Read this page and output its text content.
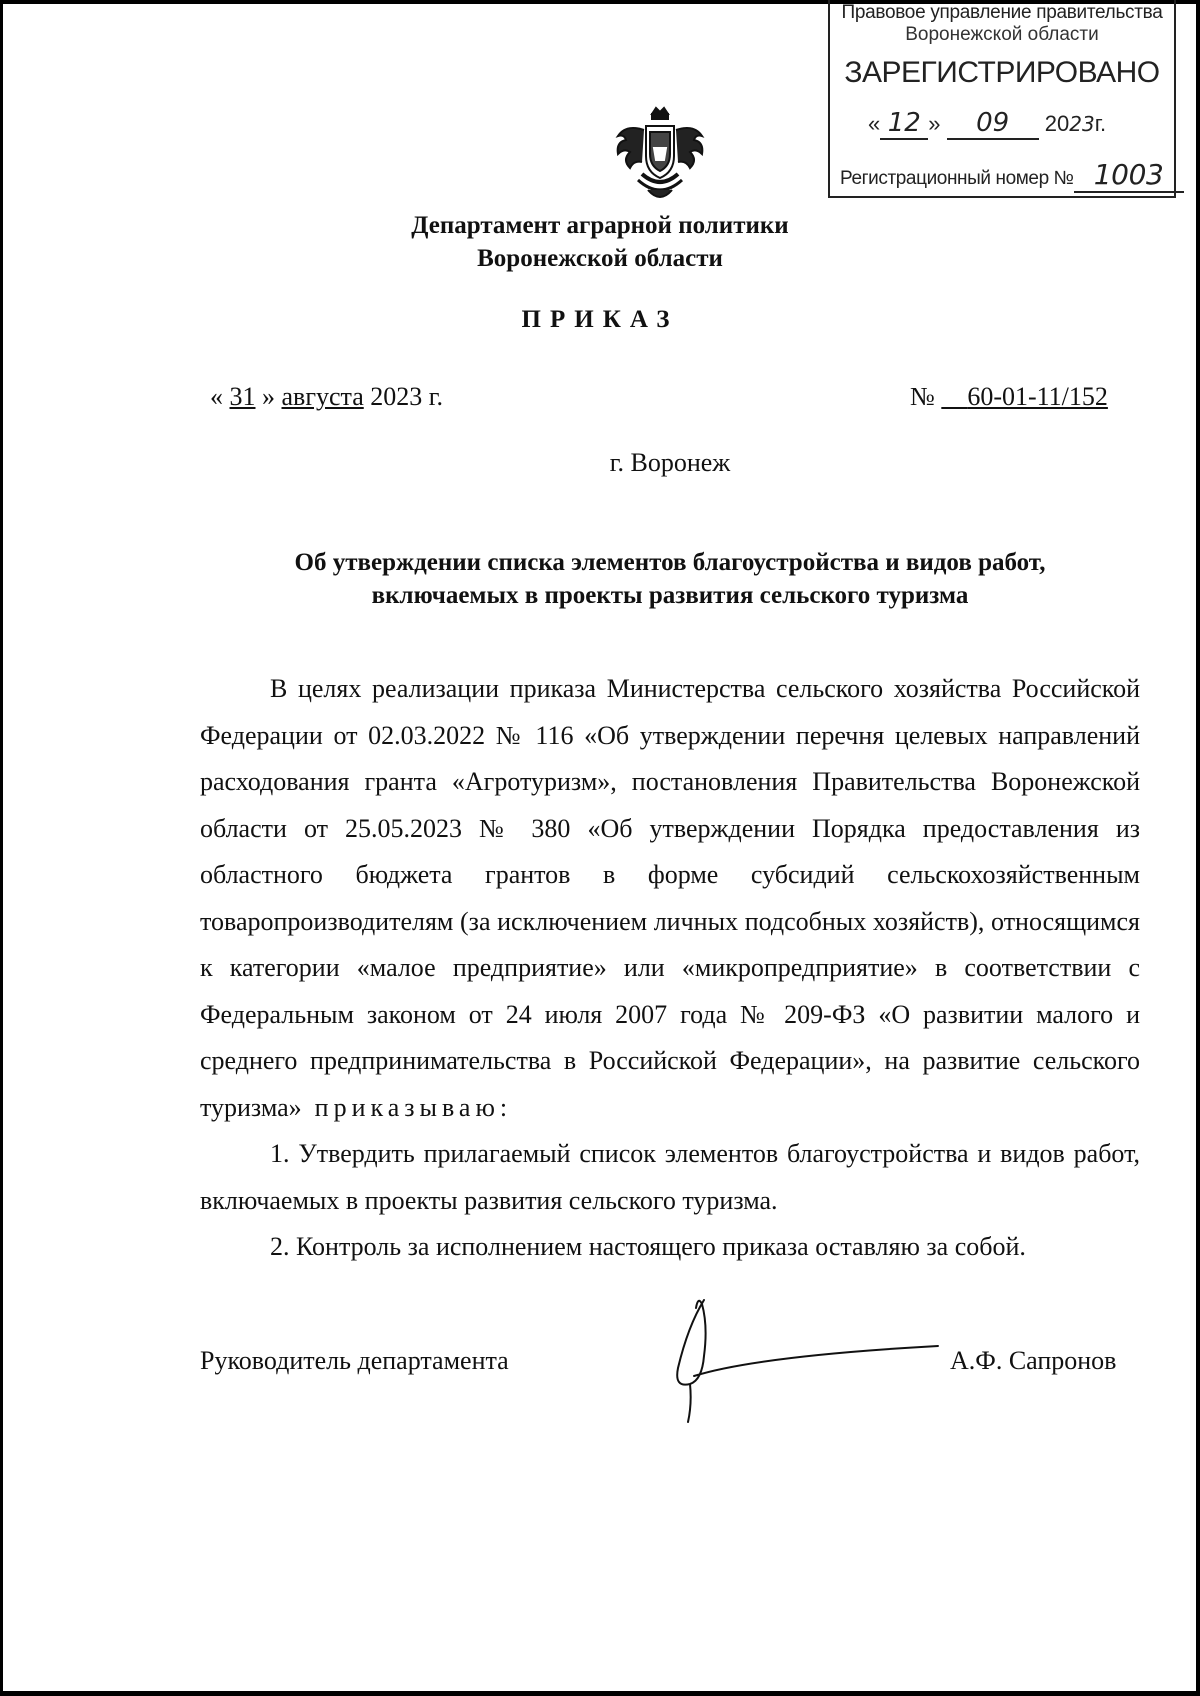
Правовое управление правительства
Воронежской области
ЗАРЕГИСТРИРОВАНО
« 12 » 09 2023г.
Регистрационный номер № 1003
Департамент аграрной политики
Воронежской области
ПРИКАЗ
« 31 » августа 2023 г.	№ 60-01-11/152
г. Воронеж
Об утверждении списка элементов благоустройства и видов работ,
включаемых в проекты развития сельского туризма

В целях реализации приказа Министерства сельского хозяйства Российской Федерации от 02.03.2022 № 116 «Об утверждении перечня целевых направлений расходования гранта «Агротуризм», постановления Правительства Воронежской области от 25.05.2023 № 380 «Об утверждении Порядка предоставления из областного бюджета грантов в форме субсидий сельскохозяйственным товаропроизводителям (за исключением личных подсобных хозяйств), относящимся к категории «малое предприятие» или «микропредприятие» в соответствии с Федеральным законом от 24 июля 2007 года № 209-ФЗ «О развитии малого и среднего предпринимательства в Российской Федерации», на развитие сельского туризма» приказываю:

1. Утвердить прилагаемый список элементов благоустройства и видов работ, включаемых в проекты развития сельского туризма.

2. Контроль за исполнением настоящего приказа оставляю за собой.

Руководитель департамента	А.Ф. Сапронов
